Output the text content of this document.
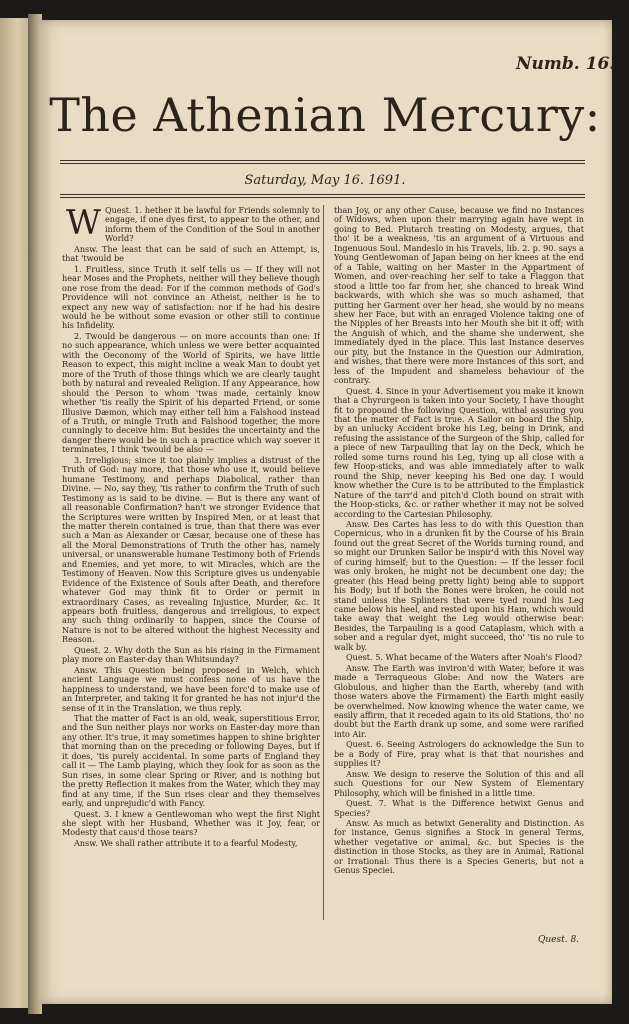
Numb. 16.
The Athenian Mercury:
Saturday, May 16. 1691.

Quest. 1.
W	hether it be lawful for Friends solemnly to engage, if one dyes first, to appear to the other, and inform them of the Condition of the Soul in another World?

Answ. The least that can be said of such an Attempt, is, that 'twould be

1. Fruitless, since Truth it self tells us — If they will not hear Moses and the Prophets, neither will they believe though one rose from the dead: For if the common methods of God's Providence will not convince an Atheist, neither is he to expect any new way of satisfaction: nor if he had his desire would he be without some evasion or other still to continue his Infidelity.

2. Twould be dangerous — on more accounts than one: If no such appearance, which unless we were better acquainted with the Oeconomy of the World of Spirits, we have little Reason to expect, this might incline a weak Man to doubt yet more of the Truth of those things which we are clearly taught both by natural and revealed Religion. If any Appearance, how should the Person to whom 'twas made, certainly know whether 'tis really the Spirit of his departed Friend, or some Illusive Dæmon, which may either tell him a Falshood instead of a Truth, or mingle Truth and Falshood together, the more cunningly to deceive him: But besides the uncertainty and the danger there would be in such a practice which way soever it terminates, I think 'twould be also —

3. Irreligious; since it too plainly implies a distrust of the Truth of God: nay more, that those who use it, would believe humane Testimony, and perhaps Diabolical, rather than Divine. — No, say they, 'tis rather to confirm the Truth of such Testimony as is said to be divine. — But is there any want of all reasonable Confirmation? han't we stronger Evidence that the Scriptures were written by Inspired Men, or at least that the matter therein contained is true, than that there was ever such a Man as Alexander or Cæsar, because one of these has all the Moral Demonstrations of Truth the other has, namely universal, or unanswerable humane Testimony both of Friends and Enemies, and yet more, to wit Miracles, which are the Testimony of Heaven. Now this Scripture gives us undenyable Evidence of the Existence of Souls after Death, and therefore whatever God may think fit to Order or permit in extraordinary Cases, as revealing Injustice, Murder, &c. It appears both fruitless, dangerous and irreligious, to expect any such thing ordinarily to happen, since the Course of Nature is not to be altered without the highest Necessity and Reason.

Quest. 2. Why doth the Sun as his rising in the Firmament play more on Easter-day than Whitsunday?

Answ. This Question being proposed in Welch, which ancient Language we must confess none of us have the happiness to understand, we have been forc'd to make use of an Interpreter, and taking it for granted he has not injur'd the sense of it in the Translation, we thus reply.

That the matter of Fact is an old, weak, superstitious Error, and the Sun neither plays nor works on Easter-day more than any other. It's true, it may sometimes happen to shine brighter that morning than on the preceding or following Dayes, but if it does, 'tis purely accidental. In some parts of England they call it — The Lamb playing, which they look for as soon as the Sun rises, in some clear Spring or River, and is nothing but the pretty Reflection it makes from the Water, which they may find at any time, if the Sun rises clear and they themselves early, and unprejudic'd with Fancy.

Quest. 3. I knew a Gentlewoman who wept the first Night she slept with her Husband, Whether was it Joy, fear, or Modesty that caus'd those tears?

Answ. We shall rather attribute it to a fearful Modesty,

than Joy, or any other Cause, because we find no Instances of Widows, when upon their marrying again have wept in going to Bed. Plutarch treating on Modesty, argues, that tho' it be a weakness, 'tis an argument of a Virtuous and Ingenuous Soul. Mandeslo in his Travels, lib. 2. p. 90. says a Young Gentlewoman of Japan being on her knees at the end of a Table, waiting on her Master in the Appartment of Women, and over-reaching her self to take a Flaggon that stood a little too far from her, she chanced to break Wind backwards, with which she was so much ashamed, that putting her Garment over her head, she would by no means shew her Face, but with an enraged Violence taking one of the Nipples of her Breasts into her Mouth she bit it off; with the Anguish of which, and the shame she underwent, she immediately dyed in the place. This last Instance deserves our pity, but the Instance in the Question our Admiration, and wishes, that there were more Instances of this sort, and less of the Impudent and shameless behaviour of the contrary.

Quest. 4. Since in your Advertisement you make it known that a Chyrurgeon is taken into your Society, I have thought fit to propound the following Question, withal assuring you that the matter of Fact is true. A Sailor on board the Ship, by an unlucky Accident broke his Leg, being in Drink, and refusing the assistance of the Surgeon of the Ship, called for a piece of new Tarpaulling that lay on the Deck, which he rolled some turns round his Leg, tying up all close with a few Hoop-sticks, and was able immediately after to walk round the Ship, never keeping his Bed one day. I would know whether the Cure is to be attributed to the Emplastick Nature of the tarr'd and pitch'd Cloth bound on strait with the Hoop-sticks, &c. or rather whether it may not be solved according to the Cartesian Philosophy.

Answ. Des Cartes has less to do with this Question than Copernicus, who in a drunken fit by the Course of his Brain found out the great Secret of the Worlds turning round, and so might our Drunken Sailor be inspir'd with this Novel way of curing himself; but to the Question: — If the lesser focil was only broken, he might not be decumbent one day; the greater (his Head being pretty light) being able to support his Body; but if both the Bones were broken, he could not stand unless the Splinters that were tyed round his Leg came below his heel, and rested upon his Ham, which would take away that weight the Leg would otherwise bear: Besides, the Tarpauling is a good Cataplasm, which with a sober and a regular dyet, might succeed, tho' 'tis no rule to walk by.

Quest. 5. What became of the Waters after Noah's Flood?

Answ. The Earth was inviron'd with Water, before it was made a Terraqueous Globe: And now the Waters are Globulous, and higher than the Earth, whereby (and with those waters above the Firmament) the Earth might easily be overwhelmed. Now knowing whence the water came, we easily affirm, that it receded again to its old Stations, tho' no doubt but the Earth drank up some, and some were rarified into Air.

Quest. 6. Seeing Astrologers do acknowledge the Sun to be a Body of Fire, pray what is that that nourishes and supplies it?

Answ. We design to reserve the Solution of this and all such Questions for our New System of Elementary Philosophy, which will be finished in a little time.

Quest. 7. What is the Difference betwixt Genus and Species?

Answ. As much as betwixt Generality and Distinction. As for instance, Genus signifies a Stock in general Terms, whether vegetative or animal, &c. but Species is the distinction in those Stocks, as they are in Animal, Rational or Irrational: Thus there is a Species Generis, but not a Genus Speciei.

Quest. 8.
